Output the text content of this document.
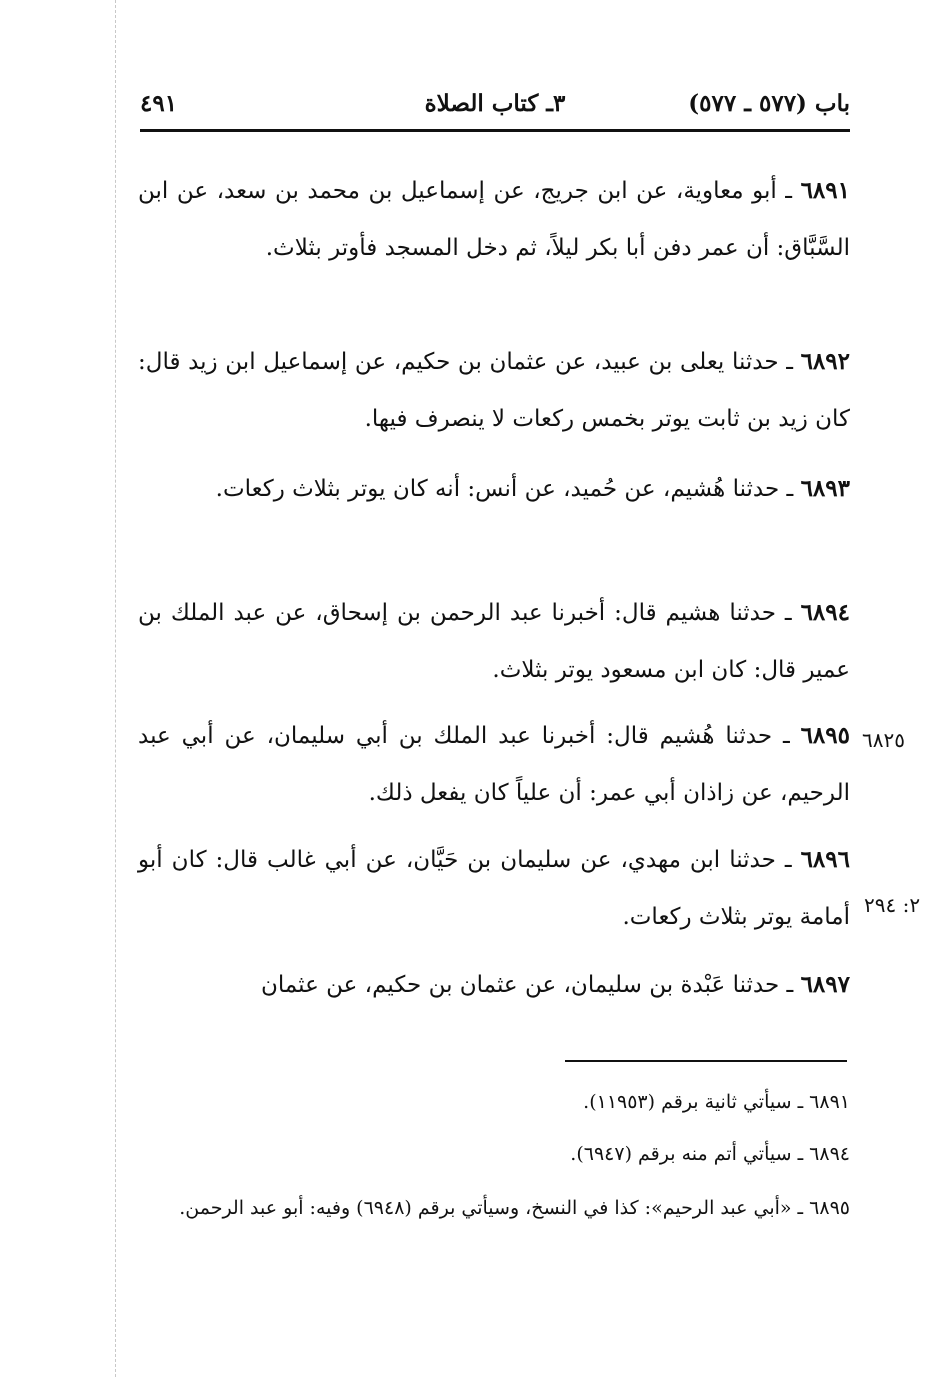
باب (٥٧٧ ـ ٥٧٧)
٣ـ كتاب الصلاة
٤٩١

٦٨٩١ ـ أبو معاوية، عن ابن جريج، عن إسماعيل بن محمد بن سعد، عن ابن السَّبَّاق: أن عمر دفن أبا بكر ليلاً، ثم دخل المسجد فأوتر بثلاث.

٦٨٩٢ ـ حدثنا يعلى بن عبيد، عن عثمان بن حكيم، عن إسماعيل ابن زيد قال: كان زيد بن ثابت يوتر بخمس ركعات لا ينصرف فيها.

٦٨٩٣ ـ حدثنا هُشيم، عن حُميد، عن أنس: أنه كان يوتر بثلاث ركعات.

٦٨٩٤ ـ حدثنا هشيم قال: أخبرنا عبد الرحمن بن إسحاق، عن عبد الملك بن عمير قال: كان ابن مسعود يوتر بثلاث.

٦٨٩٥ ـ حدثنا هُشيم قال: أخبرنا عبد الملك بن أبي سليمان، عن أبي عبد الرحيم، عن زاذان أبي عمر: أن علياً كان يفعل ذلك.

٦٨٩٦ ـ حدثنا ابن مهدي، عن سليمان بن حَيَّان، عن أبي غالب قال: كان أبو أمامة يوتر بثلاث ركعات.

٦٨٩٧ ـ حدثنا عَبْدة بن سليمان، عن عثمان بن حكيم، عن عثمان

٦٨٢٥
٢: ٢٩٤

٦٨٩١ ـ سيأتي ثانية برقم (١١٩٥٣).

٦٨٩٤ ـ سيأتي أتم منه برقم (٦٩٤٧).

٦٨٩٥ ـ «أبي عبد الرحيم»: كذا في النسخ، وسيأتي برقم (٦٩٤٨) وفيه: أبو عبد الرحمن.
